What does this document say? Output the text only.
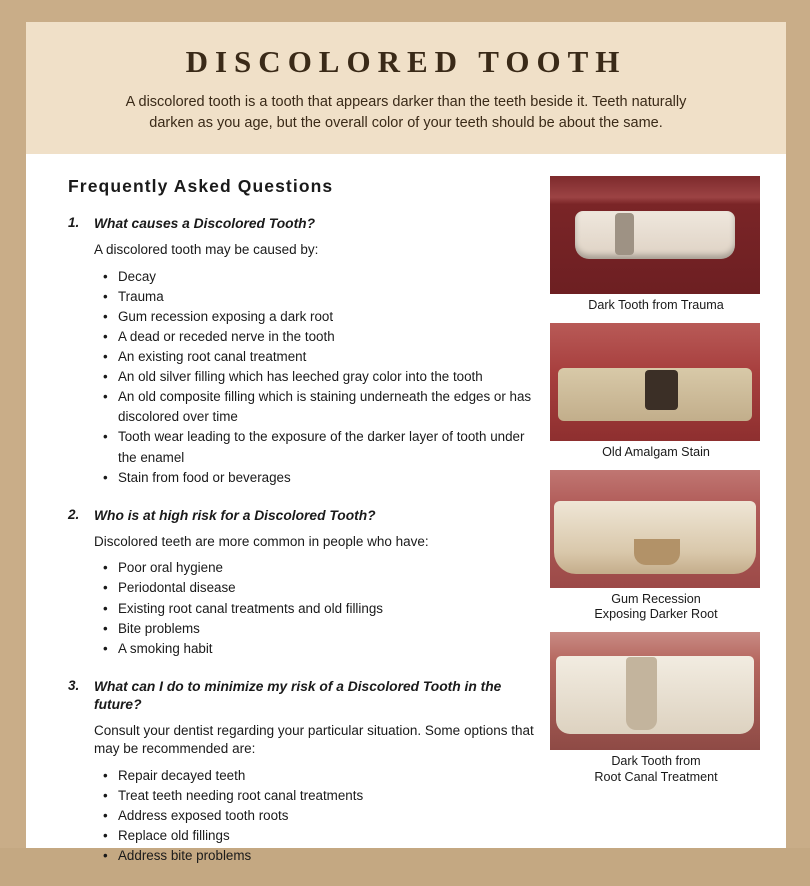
DISCOLORED TOOTH

A discolored tooth is a tooth that appears darker than the teeth beside it. Teeth naturally darken as you age, but the overall color of your teeth should be about the same.

Frequently Asked Questions
1.	What causes a Discolored Tooth?

A discolored tooth may be caused by:

• Decay
• Trauma
• Gum recession exposing a dark root
• A dead or receded nerve in the tooth
• An existing root canal treatment
• An old silver filling which has leeched gray color into the tooth
• An old composite filling which is staining underneath the edges or has discolored over time
• Tooth wear leading to the exposure of the darker layer of tooth under the enamel
• Stain from food or beverages
2.	Who is at high risk for a Discolored Tooth?

Discolored teeth are more common in people who have:

• Poor oral hygiene
• Periodontal disease
• Existing root canal treatments and old fillings
• Bite problems
• A smoking habit
3.	What can I do to minimize my risk of a Discolored Tooth in the future?

Consult your dentist regarding your particular situation. Some options that may be recommended are:

• Repair decayed teeth
• Treat teeth needing root canal treatments
• Address exposed tooth roots
• Replace old fillings
• Address bite problems
Dark Tooth from Trauma
Old Amalgam Stain
Gum Recession
Exposing Darker Root
Dark Tooth from
Root Canal Treatment
